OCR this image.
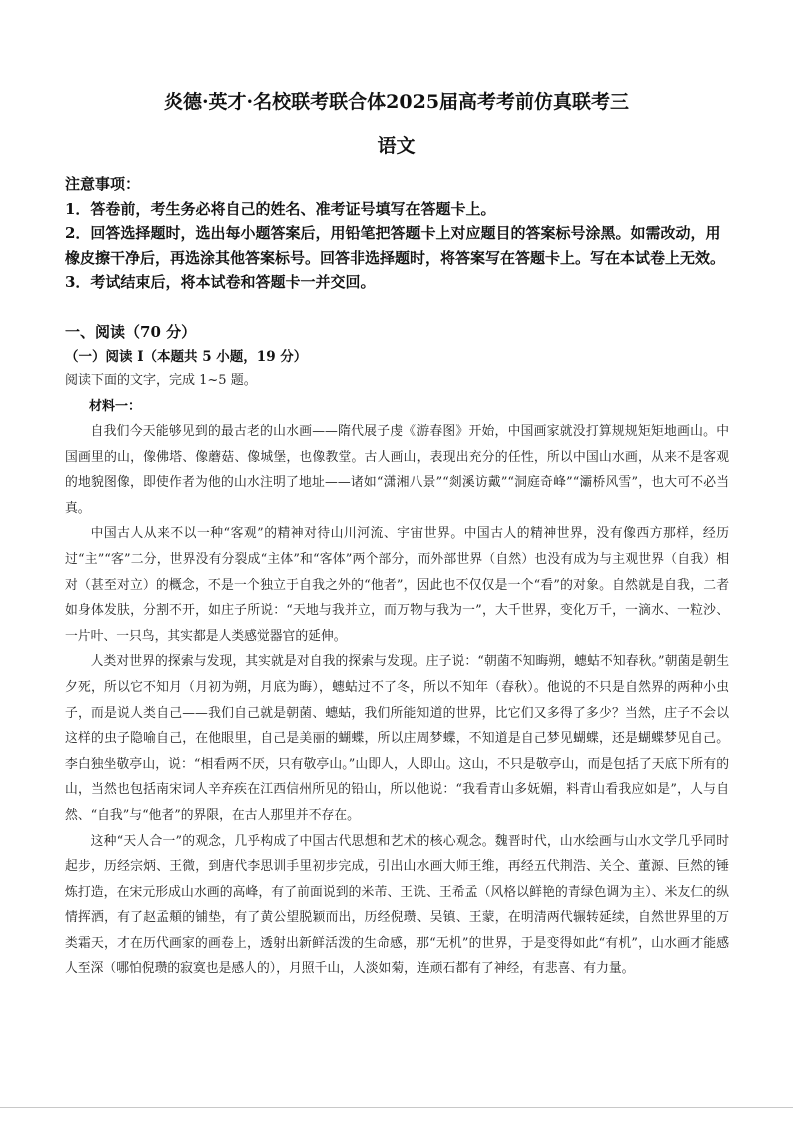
炎德·英才·名校联考联合体2025届高考考前仿真联考三
语文

注意事项：

1．答卷前，考生务必将自己的姓名、准考证号填写在答题卡上。

2．回答选择题时，选出每小题答案后，用铅笔把答题卡上对应题目的答案标号涂黑。如需改动，用橡皮擦干净后，再选涂其他答案标号。回答非选择题时，将答案写在答题卡上。写在本试卷上无效。

3．考试结束后，将本试卷和答题卡一并交回。

一、阅读（70 分）
（一）阅读 I（本题共 5 小题，19 分）
阅读下面的文字，完成 1~5 题。
材料一：

自我们今天能够见到的最古老的山水画——隋代展子虔《游春图》开始，中国画家就没打算规规矩矩地画山。中国画里的山，像佛塔、像蘑菇、像城堡，也像教堂。古人画山，表现出充分的任性，所以中国山水画，从来不是客观的地貌图像，即使作者为他的山水注明了地址——诸如“潇湘八景”“剡溪访戴”“洞庭奇峰”“灞桥风雪”，也大可不必当真。

中国古人从来不以一种“客观”的精神对待山川河流、宇宙世界。中国古人的精神世界，没有像西方那样，经历过“主”“客”二分，世界没有分裂成“主体”和“客体”两个部分，而外部世界（自然）也没有成为与主观世界（自我）相对（甚至对立）的概念，不是一个独立于自我之外的“他者”，因此也不仅仅是一个“看”的对象。自然就是自我，二者如身体发肤，分割不开，如庄子所说：“天地与我并立，而万物与我为一”，大千世界，变化万千，一滴水、一粒沙、一片叶、一只鸟，其实都是人类感觉器官的延伸。

人类对世界的探索与发现，其实就是对自我的探索与发现。庄子说：“朝菌不知晦朔，蟪蛄不知春秋。”朝菌是朝生夕死，所以它不知月（月初为朔，月底为晦），蟪蛄过不了冬，所以不知年（春秋）。他说的不只是自然界的两种小虫子，而是说人类自己——我们自己就是朝菌、蟪蛄，我们所能知道的世界，比它们又多得了多少？当然，庄子不会以这样的虫子隐喻自己，在他眼里，自己是美丽的蝴蝶，所以庄周梦蝶，不知道是自己梦见蝴蝶，还是蝴蝶梦见自己。李白独坐敬亭山，说：“相看两不厌，只有敬亭山。”山即人，人即山。这山，不只是敬亭山，而是包括了天底下所有的山，当然也包括南宋词人辛弃疾在江西信州所见的铅山，所以他说：“我看青山多妩媚，料青山看我应如是”，人与自然、“自我”与“他者”的界限，在古人那里并不存在。

这种“天人合一”的观念，几乎构成了中国古代思想和艺术的核心观念。魏晋时代，山水绘画与山水文学几乎同时起步，历经宗炳、王微，到唐代李思训手里初步完成，引出山水画大师王维，再经五代荆浩、关仝、董源、巨然的锤炼打造，在宋元形成山水画的高峰，有了前面说到的米芾、王诜、王希孟（风格以鲜艳的青绿色调为主）、米友仁的纵情挥洒，有了赵孟頫的铺垫，有了黄公望脱颖而出，历经倪瓒、吴镇、王蒙，在明清两代辗转延续，自然世界里的万类霜天，才在历代画家的画卷上，透射出新鲜活泼的生命感，那“无机”的世界，于是变得如此“有机”，山水画才能感人至深（哪怕倪瓒的寂寞也是感人的），月照千山，人淡如菊，连顽石都有了神经，有悲喜、有力量。
